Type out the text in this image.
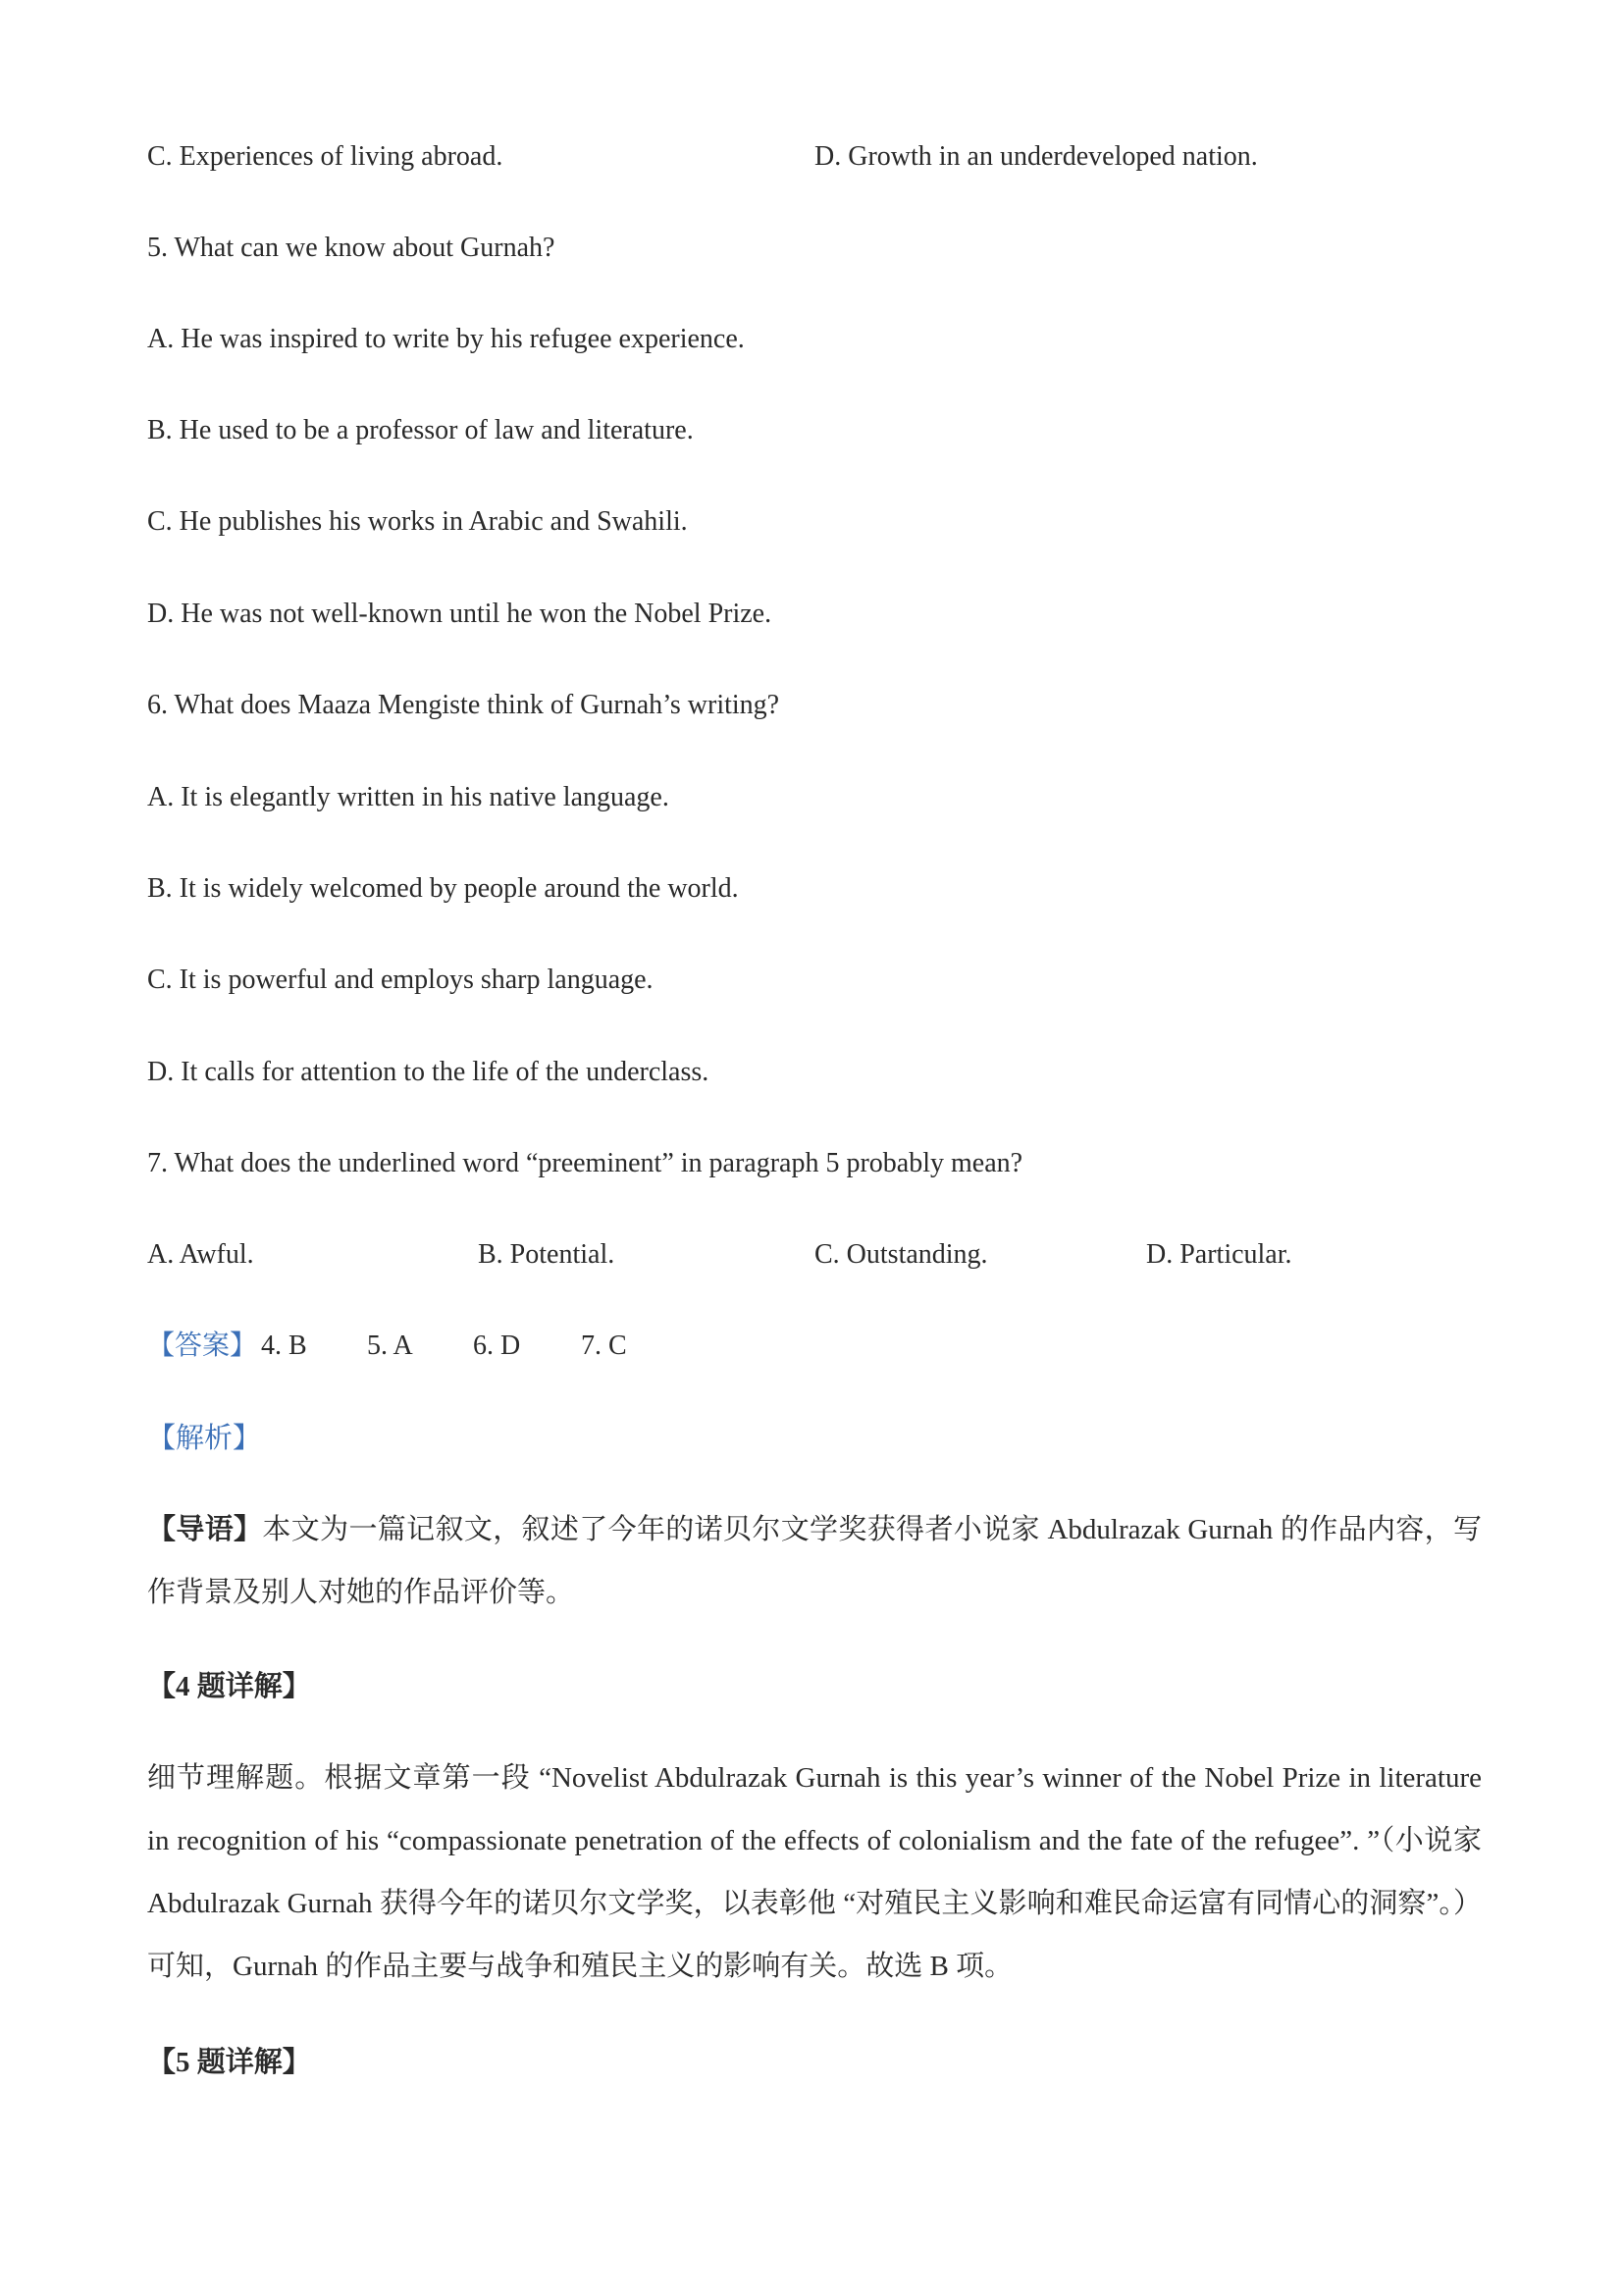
C. Experiences of living abroad.	D. Growth in an underdeveloped nation.
5. What can we know about Gurnah?
A. He was inspired to write by his refugee experience.
B. He used to be a professor of law and literature.
C. He publishes his works in Arabic and Swahili.
D. He was not well-known until he won the Nobel Prize.
6. What does Maaza Mengiste think of Gurnah’s writing?
A. It is elegantly written in his native language.
B. It is widely welcomed by people around the world.
C. It is powerful and employs sharp language.
D. It calls for attention to the life of the underclass.
7. What does the underlined word “preeminent” in paragraph 5 probably mean?
A. Awful.	B. Potential.	C. Outstanding.	D. Particular.
【答案】 4. B 5. A 6. D 7. C
【解析】
【导语】本文为一篇记叙文，叙述了今年的诺贝尔文学奖获得者小说家 Abdulrazak Gurnah 的作品内容，写作背景及别人对她的作品评价等。
【4 题详解】
细节理解题。根据文章第一段 “Novelist Abdulrazak Gurnah is this year’s winner of the Nobel Prize in literature in recognition of his “compassionate penetration of the effects of colonialism and the fate of the refugee”. ”（小说家 Abdulrazak Gurnah 获得今年的诺贝尔文学奖，以表彰他 “对殖民主义影响和难民命运富有同情心的洞察”。）可知，Gurnah 的作品主要与战争和殖民主义的影响有关。故选 B 项。
【5 题详解】
